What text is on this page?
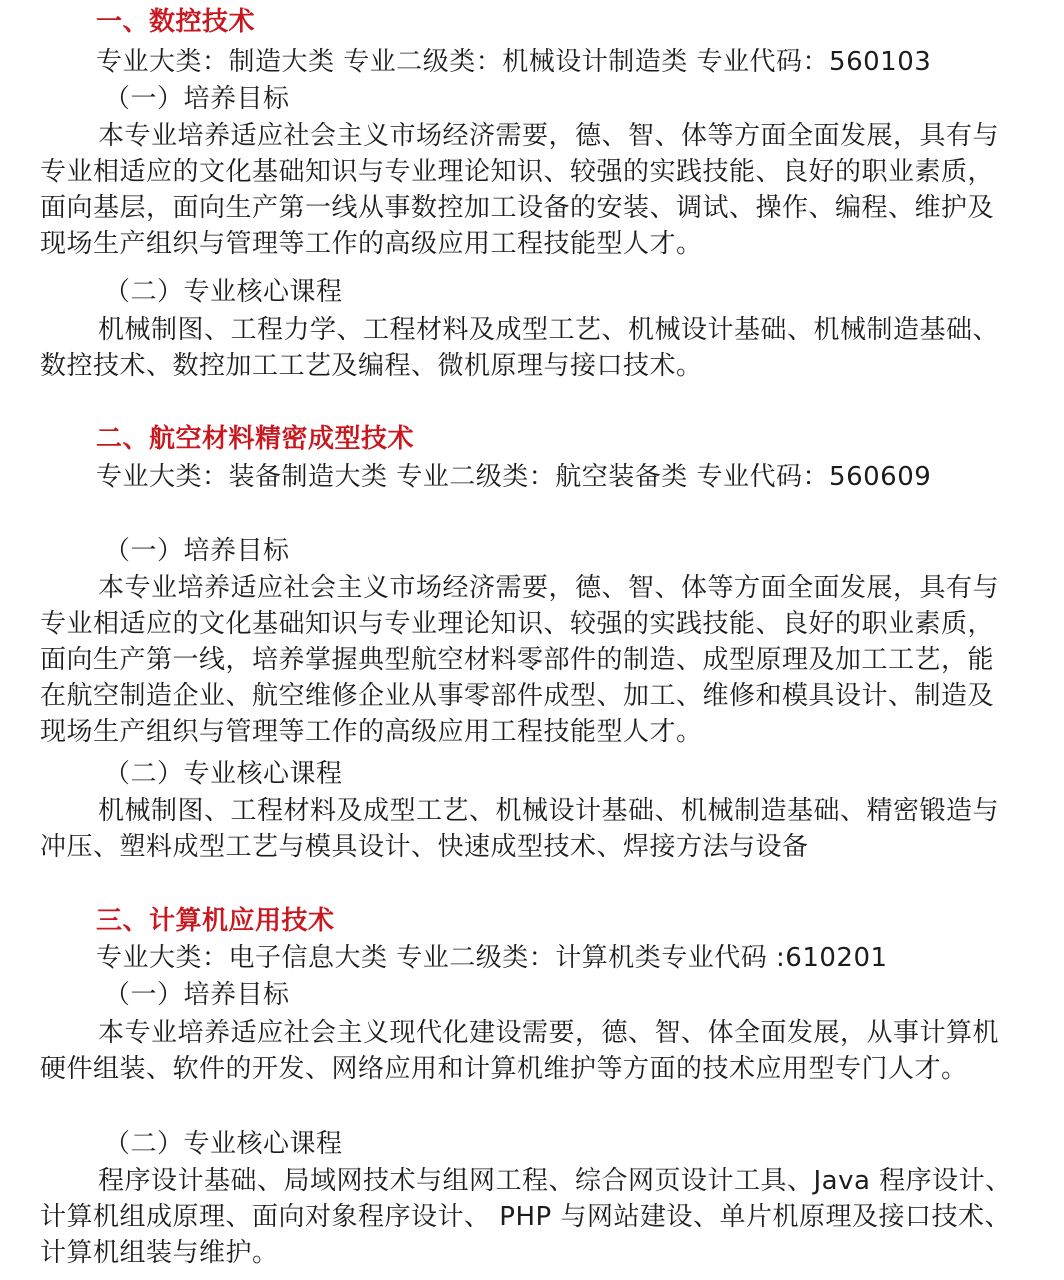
一、数控技术
专业大类：制造大类 专业二级类：机械设计制造类 专业代码：560103
（一）培养目标
本专业培养适应社会主义市场经济需要，德、智、体等方面全面发展，具有与专业相适应的文化基础知识与专业理论知识、较强的实践技能、良好的职业素质，面向基层，面向生产第一线从事数控加工设备的安装、调试、操作、编程、维护及现场生产组织与管理等工作的高级应用工程技能型人才。
（二）专业核心课程
机械制图、工程力学、工程材料及成型工艺、机械设计基础、机械制造基础、数控技术、数控加工工艺及编程、微机原理与接口技术。
二、航空材料精密成型技术
专业大类：装备制造大类 专业二级类：航空装备类 专业代码：560609
（一）培养目标
本专业培养适应社会主义市场经济需要，德、智、体等方面全面发展，具有与专业相适应的文化基础知识与专业理论知识、较强的实践技能、良好的职业素质，面向生产第一线，培养掌握典型航空材料零部件的制造、成型原理及加工工艺，能在航空制造企业、航空维修企业从事零部件成型、加工、维修和模具设计、制造及现场生产组织与管理等工作的高级应用工程技能型人才。
（二）专业核心课程
机械制图、工程材料及成型工艺、机械设计基础、机械制造基础、精密锻造与冲压、塑料成型工艺与模具设计、快速成型技术、焊接方法与设备
三、计算机应用技术
专业大类：电子信息大类 专业二级类：计算机类专业代码 :610201
（一）培养目标
本专业培养适应社会主义现代化建设需要，德、智、体全面发展，从事计算机硬件组装、软件的开发、网络应用和计算机维护等方面的技术应用型专门人才。
（二）专业核心课程
程序设计基础、局域网技术与组网工程、综合网页设计工具、Java 程序设计、计算机组成原理、面向对象程序设计、 PHP 与网站建设、单片机原理及接口技术、计算机组装与维护。
